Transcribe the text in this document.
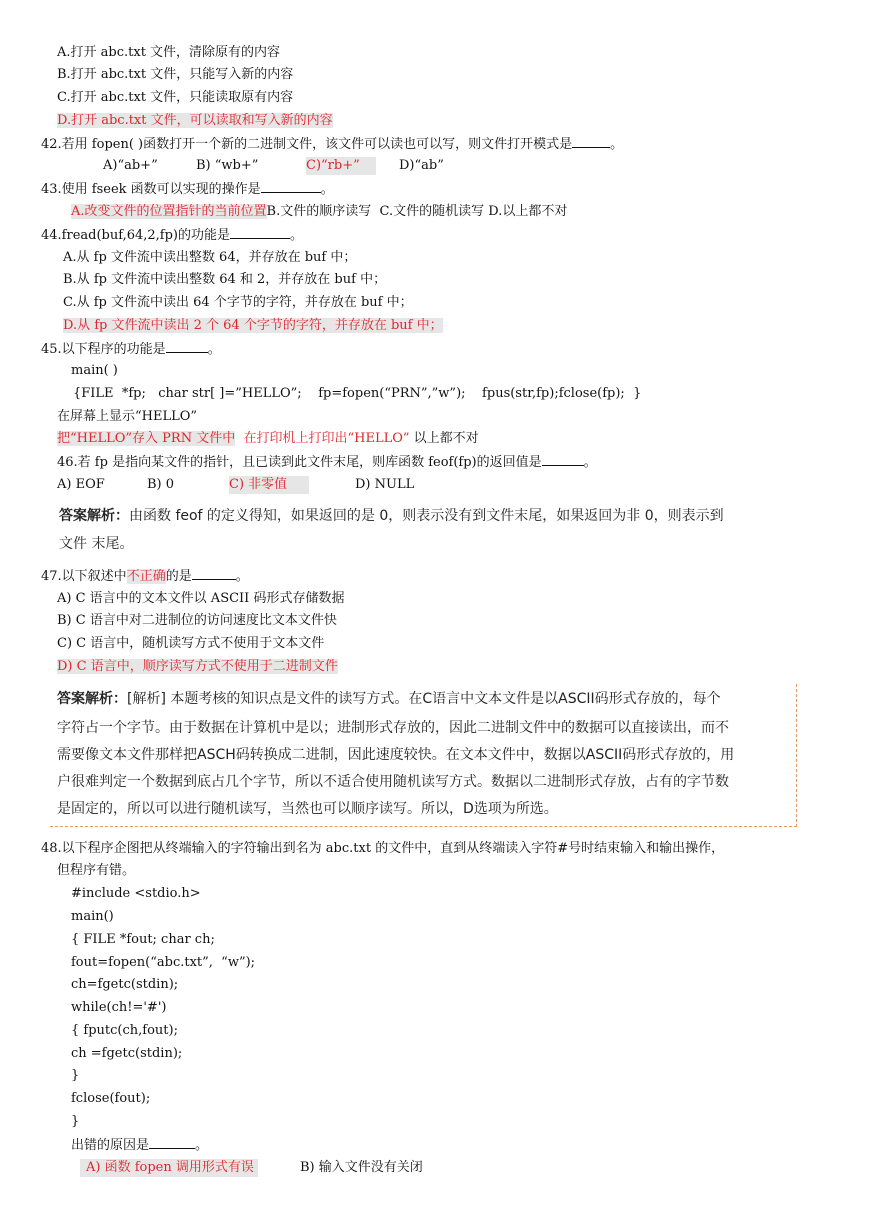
A.打开 abc.txt 文件，清除原有的内容
B.打开 abc.txt 文件，只能写入新的内容
C.打开 abc.txt 文件，只能读取原有内容
D.打开 abc.txt 文件，可以读取和写入新的内容
42.若用 fopen( )函数打开一个新的二进制文件，该文件可以读也可以写，则文件打开模式是	。
A)“ab+”	B) “wb+”	C)“rb+”	D)“ab”
43.使用 fseek 函数可以实现的操作是	。
A.改变文件的位置指针的当前位置B.文件的顺序读写  C.文件的随机读写 D.以上都不对
44.fread(buf,64,2,fp)的功能是	。
A.从 fp 文件流中读出整数 64，并存放在 buf 中；
B.从 fp 文件流中读出整数 64 和 2，并存放在 buf 中；
C.从 fp 文件流中读出 64 个字节的字符，并存放在 buf 中；
D.从 fp 文件流中读出 2 个 64 个字节的字符，并存放在 buf 中；
45.以下程序的功能是	。
main( )
{FILE  *fp;   char str[ ]=”HELLO”;    fp=fopen(“PRN”,”w”);    fpus(str,fp);fclose(fp);  }
在屏幕上显示“HELLO”
把“HELLO”存入 PRN 文件中 在打印机上打印出“HELLO” 以上都不对
46.若 fp 是指向某文件的指针，且已读到此文件末尾，则库函数 feof(fp)的返回值是	。
A) EOF	B) 0	C) 非零值	D) NULL
答案解析：由函数 feof 的定义得知，如果返回的是 0，则表示没有到文件末尾，如果返回为非 0，则表示到
文件 末尾。
47.以下叙述中不正确的是	。
A) C 语言中的文本文件以 ASCII 码形式存储数据
B) C 语言中对二进制位的访问速度比文本文件快
C) C 语言中，随机读写方式不使用于文本文件
D) C 语言中，顺序读写方式不使用于二进制文件
答案解析：[解析] 本题考核的知识点是文件的读写方式。在C语言中文本文件是以ASCII码形式存放的，每个
字符占一个字节。由于数据在计算机中是以；进制形式存放的，因此二进制文件中的数据可以直接读出，而不
需要像文本文件那样把ASCH码转换成二进制，因此速度较快。在文本文件中，数据以ASCII码形式存放的，用
户很难判定一个数据到底占几个字节，所以不适合使用随机读写方式。数据以二进制形式存放，占有的字节数
是固定的，所以可以进行随机读写，当然也可以顺序读写。所以，D选项为所选。
48.以下程序企图把从终端输入的字符输出到名为 abc.txt 的文件中，直到从终端读入字符#号时结束输入和输出操作，
但程序有错。
#include <stdio.h>
main()
{ FILE *fout; char ch;
fout=fopen(“abc.txt”,  “w”);
ch=fgetc(stdin);
while(ch!='#')
{ fputc(ch,fout);
ch =fgetc(stdin);
}
fclose(fout);
}
出错的原因是	。
A) 函数 fopen 调用形式有误	B) 输入文件没有关闭
